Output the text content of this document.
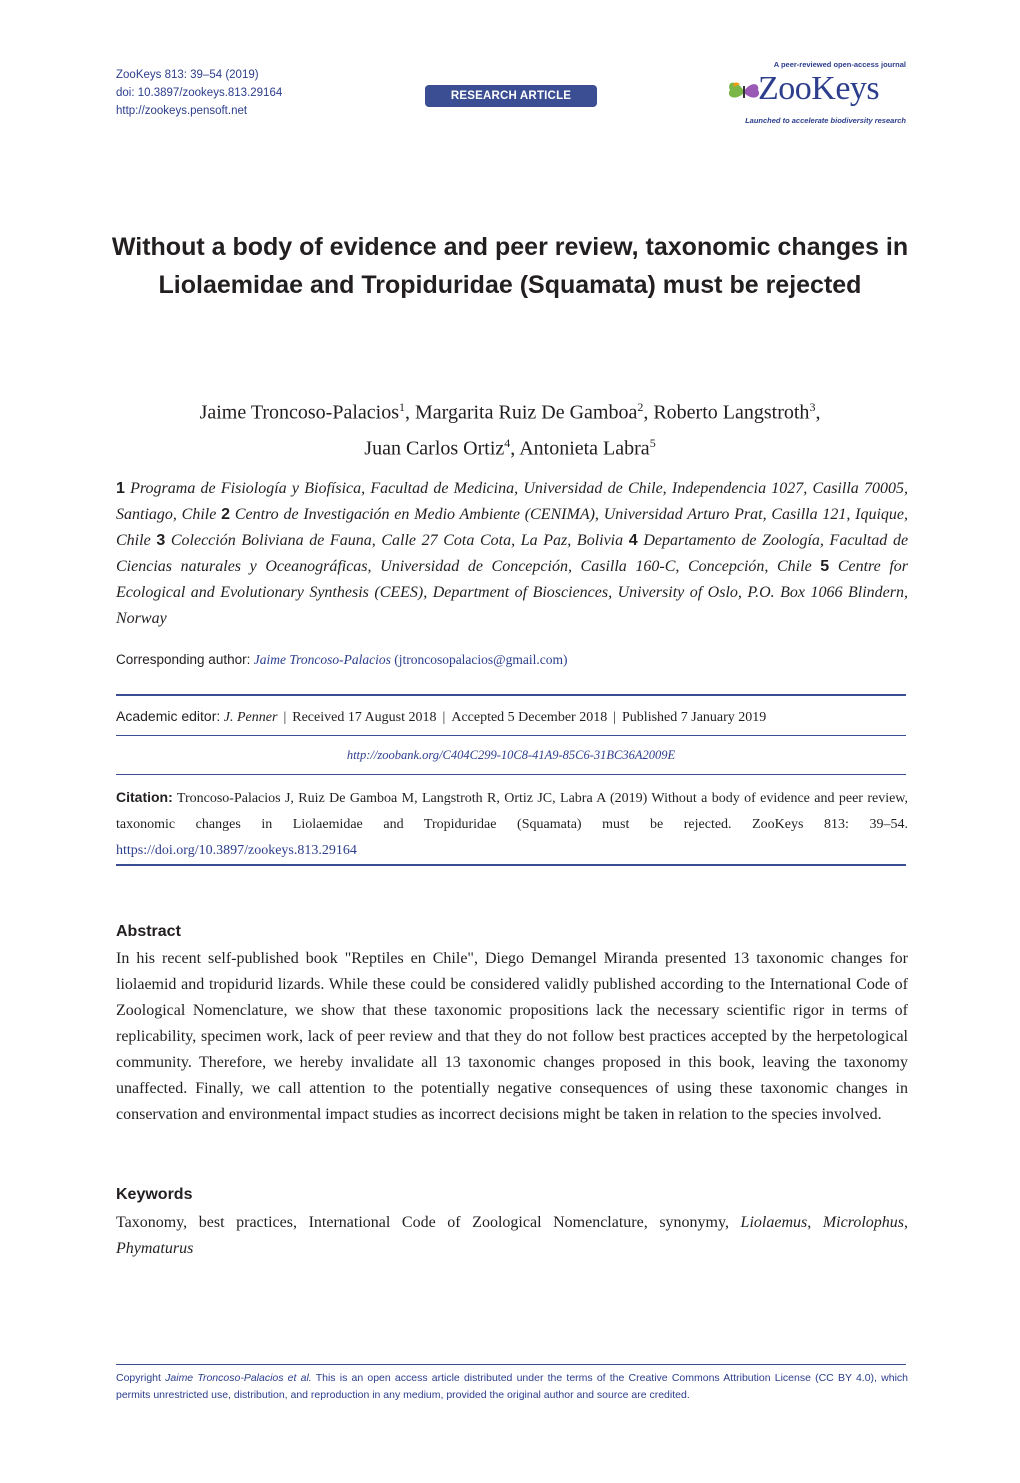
ZooKeys 813: 39–54 (2019)
doi: 10.3897/zookeys.813.29164
http://zookeys.pensoft.net
RESEARCH ARTICLE
A peer-reviewed open-access journal
ZooKeys
Launched to accelerate biodiversity research
Without a body of evidence and peer review, taxonomic changes in Liolaemidae and Tropiduridae (Squamata) must be rejected
Jaime Troncoso-Palacios$^1$, Margarita Ruiz De Gamboa$^2$, Roberto Langstroth$^3$,
Juan Carlos Ortiz$^4$, Antonieta Labra$^5$
1 Programa de Fisiología y Biofísica, Facultad de Medicina, Universidad de Chile, Independencia 1027, Casilla 70005, Santiago, Chile 2 Centro de Investigación en Medio Ambiente (CENIMA), Universidad Arturo Prat, Casilla 121, Iquique, Chile 3 Colección Boliviana de Fauna, Calle 27 Cota Cota, La Paz, Bolivia 4 Departamento de Zoología, Facultad de Ciencias naturales y Oceanográficas, Universidad de Concepción, Casilla 160-C, Concepción, Chile 5 Centre for Ecological and Evolutionary Synthesis (CEES), Department of Biosciences, University of Oslo, P.O. Box 1066 Blindern, Norway
Corresponding author: Jaime Troncoso-Palacios (jtroncosopalacios@gmail.com)
Academic editor: J. Penner | Received 17 August 2018 | Accepted 5 December 2018 | Published 7 January 2019
http://zoobank.org/C404C299-10C8-41A9-85C6-31BC36A2009E
Citation: Troncoso-Palacios J, Ruiz De Gamboa M, Langstroth R, Ortiz JC, Labra A (2019) Without a body of evidence and peer review, taxonomic changes in Liolaemidae and Tropiduridae (Squamata) must be rejected. ZooKeys 813: 39–54. https://doi.org/10.3897/zookeys.813.29164
Abstract
In his recent self-published book "Reptiles en Chile", Diego Demangel Miranda presented 13 taxonomic changes for liolaemid and tropidurid lizards. While these could be considered validly published according to the International Code of Zoological Nomenclature, we show that these taxonomic propositions lack the necessary scientific rigor in terms of replicability, specimen work, lack of peer review and that they do not follow best practices accepted by the herpetological community. Therefore, we hereby invalidate all 13 taxonomic changes proposed in this book, leaving the taxonomy unaffected. Finally, we call attention to the potentially negative consequences of using these taxonomic changes in conservation and environmental impact studies as incorrect decisions might be taken in relation to the species involved.
Keywords
Taxonomy, best practices, International Code of Zoological Nomenclature, synonymy, Liolaemus, Microlophus, Phymaturus
Copyright Jaime Troncoso-Palacios et al. This is an open access article distributed under the terms of the Creative Commons Attribution License (CC BY 4.0), which permits unrestricted use, distribution, and reproduction in any medium, provided the original author and source are credited.
